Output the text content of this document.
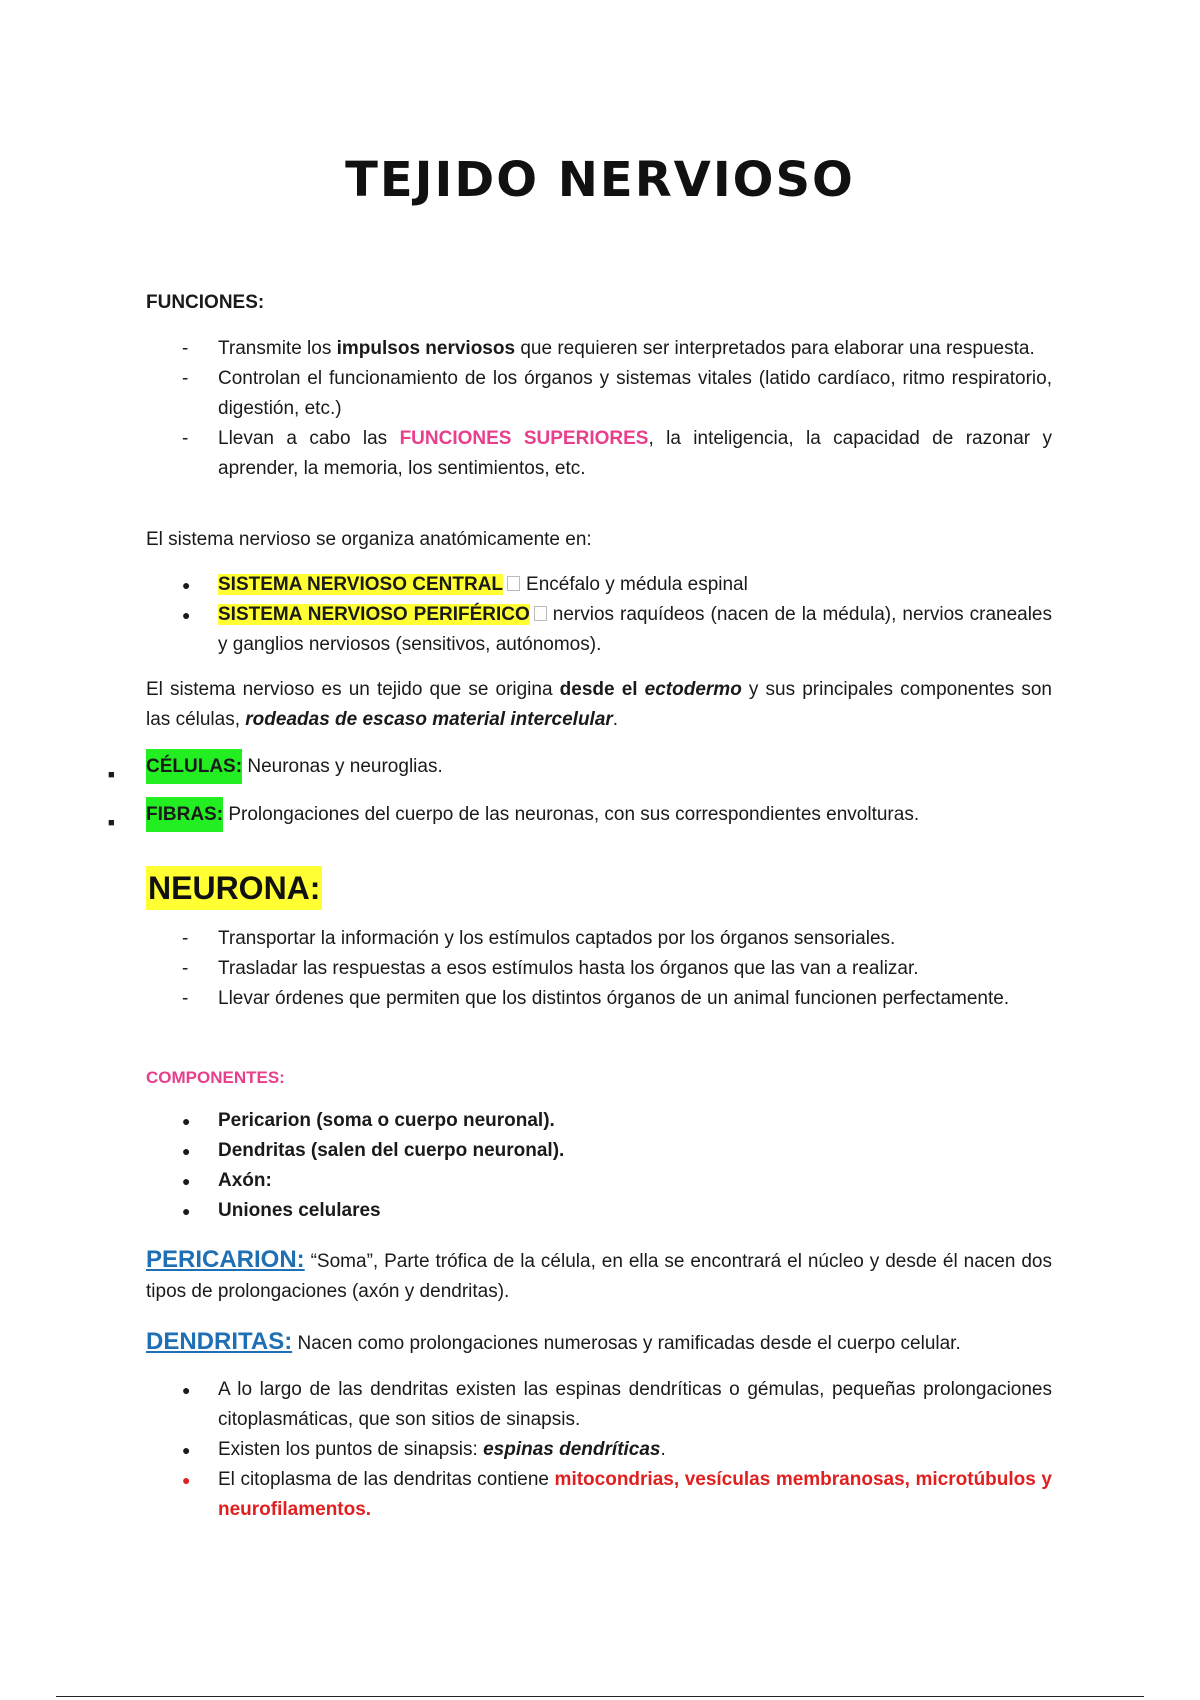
TEJIDO NERVIOSO
FUNCIONES:
- Transmite los impulsos nerviosos que requieren ser interpretados para elaborar una respuesta.
- Controlan el funcionamiento de los órganos y sistemas vitales (latido cardíaco, ritmo respiratorio, digestión, etc.)
- Llevan a cabo las FUNCIONES SUPERIORES, la inteligencia, la capacidad de razonar y aprender, la memoria, los sentimientos, etc.

El sistema nervioso se organiza anatómicamente en:

● SISTEMA NERVIOSO CENTRAL Encéfalo y médula espinal
● SISTEMA NERVIOSO PERIFÉRICO nervios raquídeos (nacen de la médula), nervios craneales y ganglios nerviosos (sensitivos, autónomos).

El sistema nervioso es un tejido que se origina desde el ectodermo y sus principales componentes son las células, rodeadas de escaso material intercelular.

■ CÉLULAS: Neuronas y neuroglias.
■ FIBRAS: Prolongaciones del cuerpo de las neuronas, con sus correspondientes envolturas.
NEURONA:
- Transportar la información y los estímulos captados por los órganos sensoriales.
- Trasladar las respuestas a esos estímulos hasta los órganos que las van a realizar.
- Llevar órdenes que permiten que los distintos órganos de un animal funcionen perfectamente.
COMPONENTES:
● Pericarion (soma o cuerpo neuronal).
● Dendritas (salen del cuerpo neuronal).
● Axón:
● Uniones celulares

PERICARION: “Soma”, Parte trófica de la célula, en ella se encontrará el núcleo y desde él nacen dos tipos de prolongaciones (axón y dendritas).

DENDRITAS: Nacen como prolongaciones numerosas y ramificadas desde el cuerpo celular.

● A lo largo de las dendritas existen las espinas dendríticas o gémulas, pequeñas prolongaciones citoplasmáticas, que son sitios de sinapsis.
● Existen los puntos de sinapsis: espinas dendríticas.
● El citoplasma de las dendritas contiene mitocondrias, vesículas membranosas, microtúbulos y neurofilamentos.
